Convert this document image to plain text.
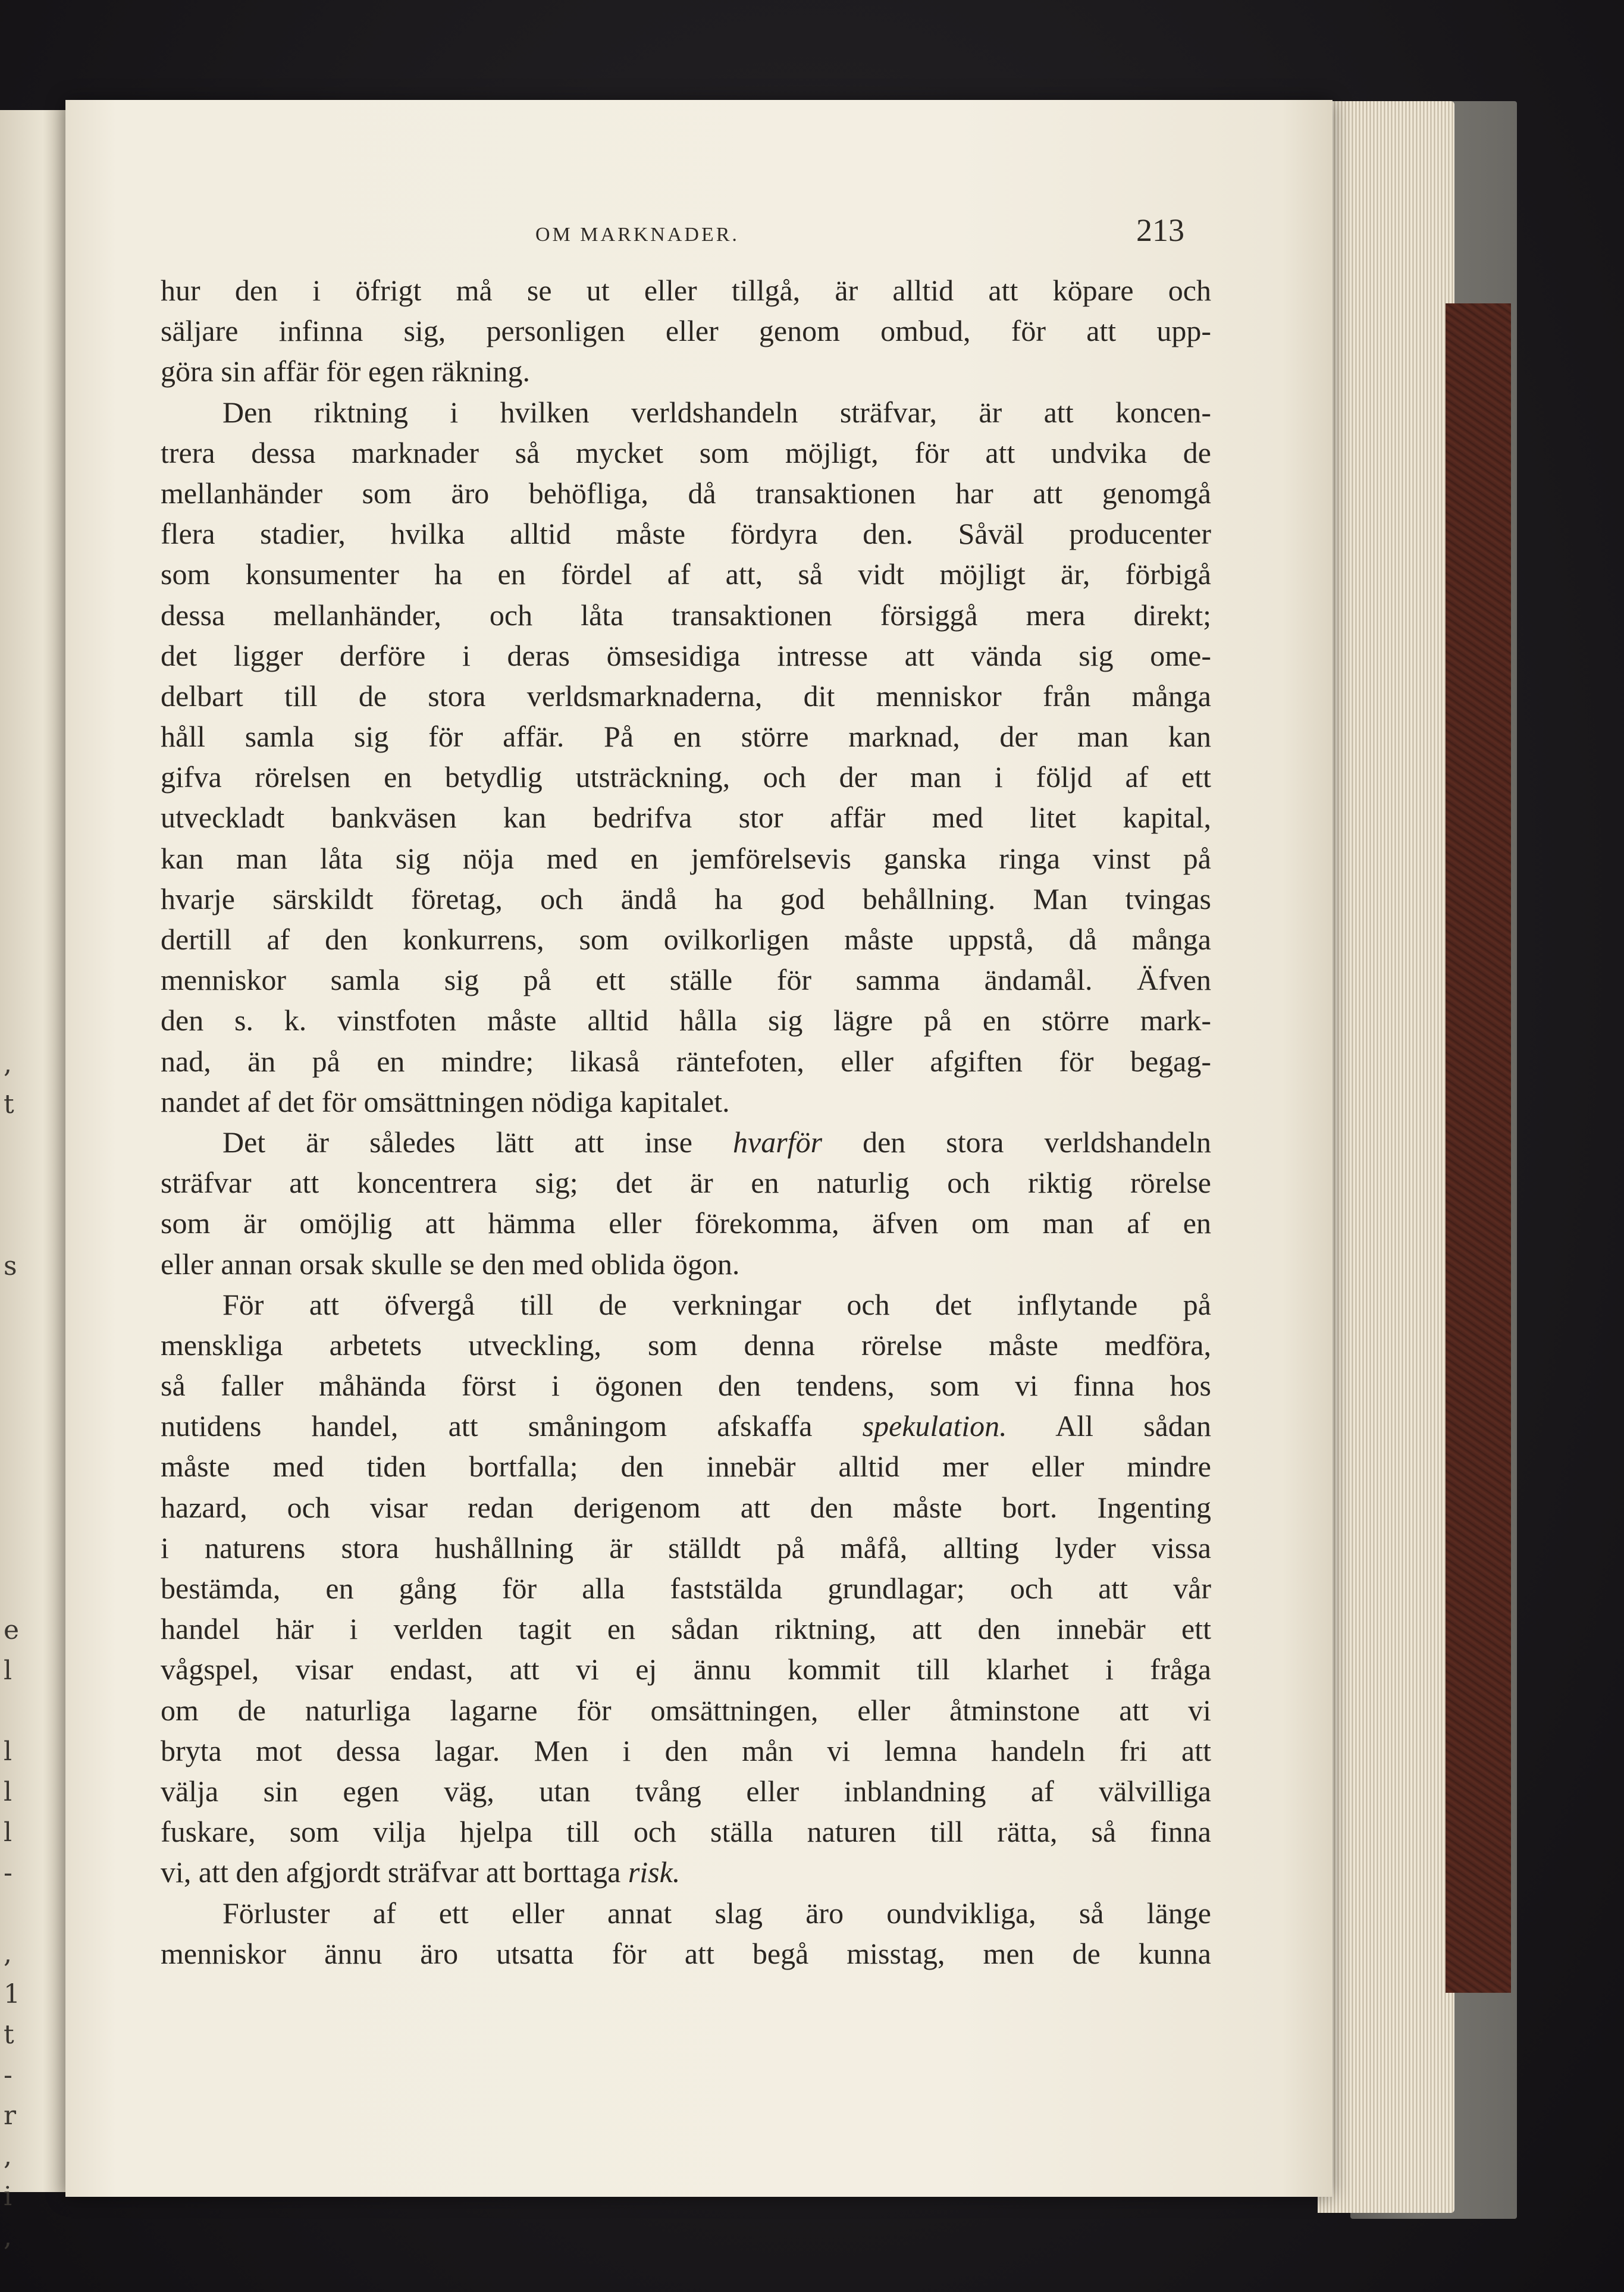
,
t
s
e
l
l
l
l
-
,
1
t
-
r
,
i
,
OM MARKNADER.	213
hur den i öfrigt må se ut eller tillgå, är alltid att köpare och
säljare infinna sig, personligen eller genom ombud, för att upp-
göra sin affär för egen räkning.
Den riktning i hvilken verldshandeln sträfvar, är att koncen-
trera dessa marknader så mycket som möjligt, för att undvika de
mellanhänder som äro behöfliga, då transaktionen har att genomgå
flera stadier, hvilka alltid måste fördyra den. Såväl producenter
som konsumenter ha en fördel af att, så vidt möjligt är, förbigå
dessa mellanhänder, och låta transaktionen försiggå mera direkt;
det ligger derföre i deras ömsesidiga intresse att vända sig ome-
delbart till de stora verldsmarknaderna, dit menniskor från många
håll samla sig för affär. På en större marknad, der man kan
gifva rörelsen en betydlig utsträckning, och der man i följd af ett
utveckladt bankväsen kan bedrifva stor affär med litet kapital,
kan man låta sig nöja med en jemförelsevis ganska ringa vinst på
hvarje särskildt företag, och ändå ha god behållning. Man tvingas
dertill af den konkurrens, som ovilkorligen måste uppstå, då många
menniskor samla sig på ett ställe för samma ändamål. Äfven
den s. k. vinstfoten måste alltid hålla sig lägre på en större mark-
nad, än på en mindre; likaså räntefoten, eller afgiften för begag-
nandet af det för omsättningen nödiga kapitalet.
Det är således lätt att inse hvarför den stora verldshandeln
sträfvar att koncentrera sig; det är en naturlig och riktig rörelse
som är omöjlig att hämma eller förekomma, äfven om man af en
eller annan orsak skulle se den med oblida ögon.
För att öfvergå till de verkningar och det inflytande på
menskliga arbetets utveckling, som denna rörelse måste medföra,
så faller måhända först i ögonen den tendens, som vi finna hos
nutidens handel, att småningom afskaffa spekulation. All sådan
måste med tiden bortfalla; den innebär alltid mer eller mindre
hazard, och visar redan derigenom att den måste bort. Ingenting
i naturens stora hushållning är ställdt på måfå, allting lyder vissa
bestämda, en gång för alla faststälda grundlagar; och att vår
handel här i verlden tagit en sådan riktning, att den innebär ett
vågspel, visar endast, att vi ej ännu kommit till klarhet i fråga
om de naturliga lagarne för omsättningen, eller åtminstone att vi
bryta mot dessa lagar. Men i den mån vi lemna handeln fri att
välja sin egen väg, utan tvång eller inblandning af välvilliga
fuskare, som vilja hjelpa till och ställa naturen till rätta, så finna
vi, att den afgjordt sträfvar att borttaga risk.
Förluster af ett eller annat slag äro oundvikliga, så länge
menniskor ännu äro utsatta för att begå misstag, men de kunna
